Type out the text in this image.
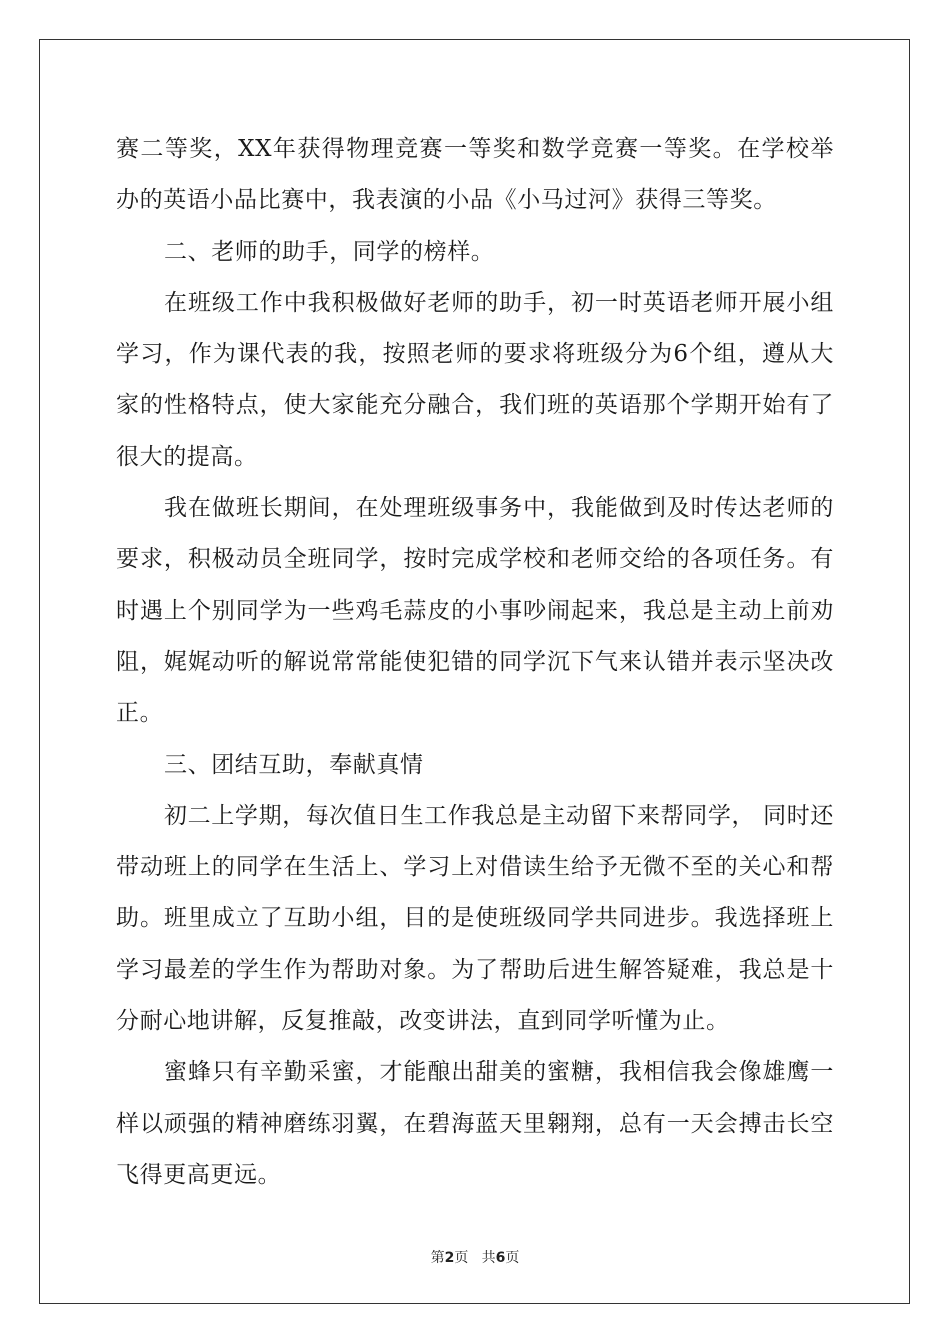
赛二等奖，XX年获得物理竞赛一等奖和数学竞赛一等奖。在学校举办的英语小品比赛中，我表演的小品《小马过河》获得三等奖。

二、老师的助手，同学的榜样。

在班级工作中我积极做好老师的助手，初一时英语老师开展小组学习，作为课代表的我，按照老师的要求将班级分为6个组，遵从大家的性格特点，使大家能充分融合，我们班的英语那个学期开始有了很大的提高。

我在做班长期间，在处理班级事务中，我能做到及时传达老师的要求，积极动员全班同学，按时完成学校和老师交给的各项任务。有时遇上个别同学为一些鸡毛蒜皮的小事吵闹起来，我总是主动上前劝阻，娓娓动听的解说常常能使犯错的同学沉下气来认错并表示坚决改正。

三、团结互助，奉献真情

初二上学期，每次值日生工作我总是主动留下来帮同学， 同时还带动班上的同学在生活上、学习上对借读生给予无微不至的关心和帮助。班里成立了互助小组，目的是使班级同学共同进步。我选择班上学习最差的学生作为帮助对象。为了帮助后进生解答疑难，我总是十分耐心地讲解，反复推敲，改变讲法，直到同学听懂为止。

蜜蜂只有辛勤采蜜，才能酿出甜美的蜜糖，我相信我会像雄鹰一样以顽强的精神磨练羽翼，在碧海蓝天里翱翔，总有一天会搏击长空飞得更高更远。

第2页 共6页
